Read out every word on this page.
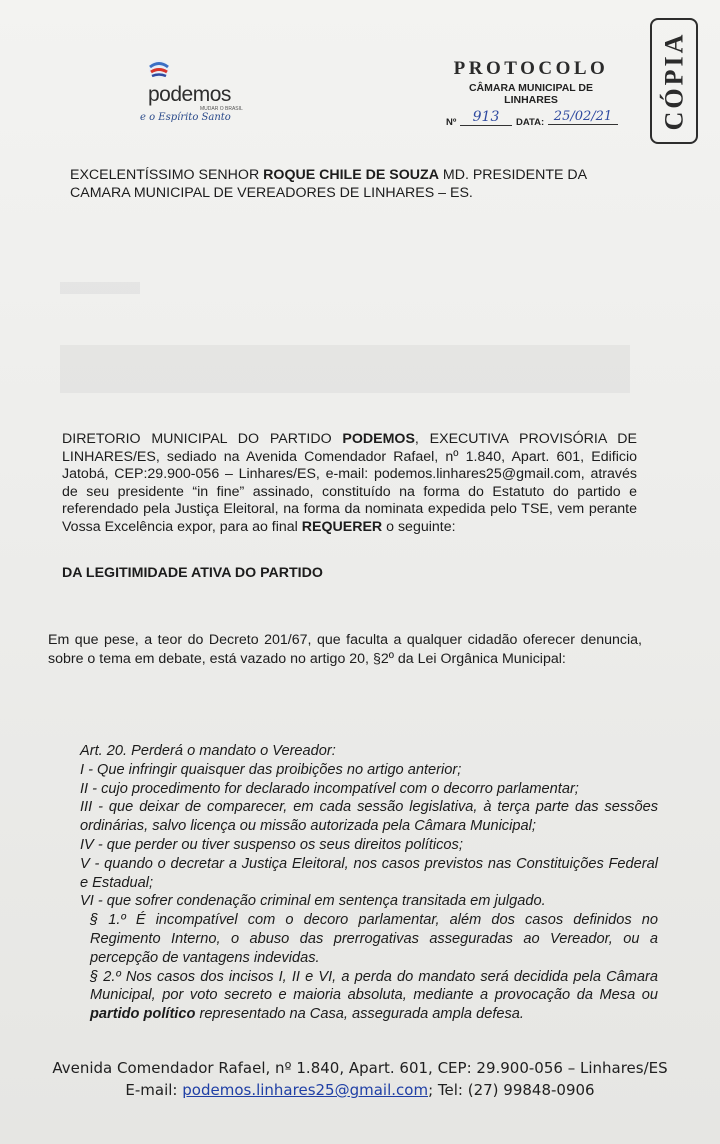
podemos
MUDAR O BRASIL
e o Espírito Santo
PROTOCOLO
CÂMARA MUNICIPAL DE LINHARES
Nº	913	DATA: 25/02/21 CÓPIA
EXCELENTÍSSIMO SENHOR ROQUE CHILE DE SOUZA MD. PRESIDENTE DA
CAMARA MUNICIPAL DE VEREADORES DE LINHARES – ES.
DIRETORIO MUNICIPAL DO PARTIDO PODEMOS, EXECUTIVA PROVISÓRIA DE LINHARES/ES, sediado na Avenida Comendador Rafael, nº 1.840, Apart. 601, Edificio Jatobá, CEP:29.900-056 – Linhares/ES, e-mail: podemos.linhares25@gmail.com, através de seu presidente “in fine” assinado, constituído na forma do Estatuto do partido e referendado pela Justiça Eleitoral, na forma da nominata expedida pelo TSE, vem perante Vossa Excelência expor, para ao final REQUERER o seguinte:
DA LEGITIMIDADE ATIVA DO PARTIDO
Em que pese, a teor do Decreto 201/67, que faculta a qualquer cidadão oferecer denuncia, sobre o tema em debate, está vazado no artigo 20, §2º da Lei Orgânica Municipal:

Art. 20. Perderá o mandato o Vereador:

I - Que infringir quaisquer das proibições no artigo anterior;

II - cujo procedimento for declarado incompatível com o decorro parlamentar;

III - que deixar de comparecer, em cada sessão legislativa, à terça parte das sessões ordinárias, salvo licença ou missão autorizada pela Câmara Municipal;

IV - que perder ou tiver suspenso os seus direitos políticos;

V - quando o decretar a Justiça Eleitoral, nos casos previstos nas Constituições Federal e Estadual;

VI - que sofrer condenação criminal em sentença transitada em julgado.

§ 1.º É incompatível com o decoro parlamentar, além dos casos definidos no Regimento Interno, o abuso das prerrogativas asseguradas ao Vereador, ou a percepção de vantagens indevidas.

§ 2.º Nos casos dos incisos I, II e VI, a perda do mandato será decidida pela Câmara Municipal, por voto secreto e maioria absoluta, mediante a provocação da Mesa ou partido político representado na Casa, assegurada ampla defesa.

Avenida Comendador Rafael, nº 1.840, Apart. 601, CEP: 29.900-056 – Linhares/ES
E-mail: podemos.linhares25@gmail.com; Tel: (27) 99848-0906
